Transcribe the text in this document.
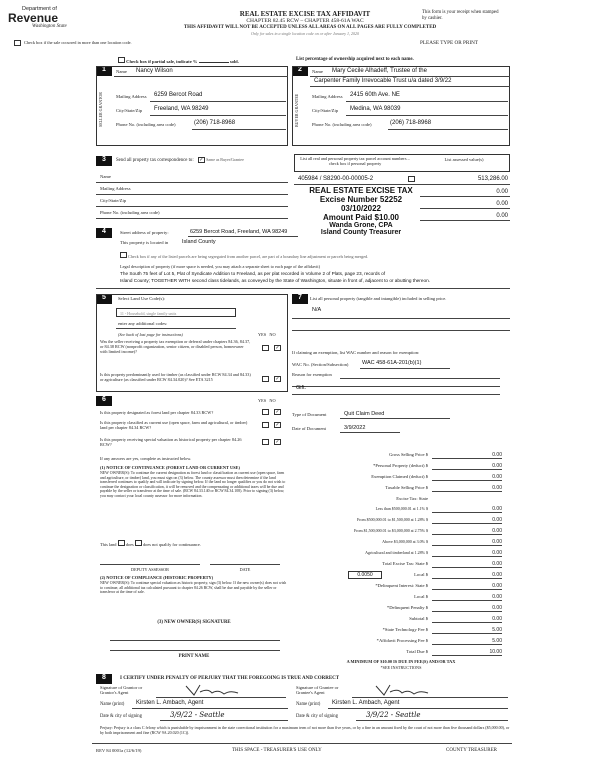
Department of
Revenue
Washington State
REAL ESTATE EXCISE TAX AFFIDAVIT
CHAPTER 82.45 RCW – CHAPTER 458-61A WAC
THIS AFFIDAVIT WILL NOT BE ACCEPTED UNLESS ALL AREAS ON ALL PAGES ARE FULLY COMPLETED
Only for sales in a single location code on or after January 1, 2020
This form is your receipt when stamped by cashier.
PLEASE TYPE OR PRINT
Check box if the sale occurred in more than one location code.
Check box if partial sale, indicate %	sold.	List percentage of ownership acquired next to each name.
1
SELLER GRANTOR
Name Nancy Wilson
Mailing Address 6259 Bercot Road
City/State/Zip Freeland, WA 98249
Phone No. (including area code)	(206) 718-8968
2
BUYER GRANTEE
Name Mary Cecile Alhadeff, Trustee of the
Carpenter Family Irrevocable Trust u/a dated 3/9/22
Mailing Address 2415 60th Ave. NE
City/State/Zip Medina, WA 98039
Phone No. (including area code)	(206) 718-8968
3	Send all property tax correspondence to: ✓ Same as Buyer/Grantee
Name
Mailing Address
City/State/Zip
Phone No. (including area code)
List all real and personal property tax parcel account numbers – check box if personal property
List assessed value(s)
405984 / S8290-00-00005-2	513,286.00
0.00
0.00
0.00
REAL ESTATE EXCISE TAX
Excise Number 52252
03/10/2022
Amount Paid $10.00
Wanda Grone, CPA
Island County Treasurer
4	Street address of property:	6259 Bercot Road, Freeland, WA 98249
This property is located in	Island County
Check box if any of the listed parcels are being segregated from another parcel, are part of a boundary line adjustment or parcels being merged.
Legal description of property (if more space is needed, you may attach a separate sheet to each page of the affidavit)
The South 75 feet of Lot 5, Plat of Syndicate Addition to Freeland, as per plat recorded in Volume 2 of Plats, page 23, records of
Island County; TOGETHER WITH second class tidelands, as conveyed by the State of Washington, situate in front of, adjacent to or abutting thereon.
5	Select Land Use Code(s):
11 - Household, single family units
enter any additional codes:
(See back of last page for instructions)	YES   NO
Was the seller receiving a property tax exemption or deferral under chapters 84.36, 84.37, or 84.38 RCW (nonprofit organization, senior citizen, or disabled person, homeowner with limited income)?
✓
Is this property predominantly used for timber (as classified under RCW 84.34 and 84.33) or agriculture (as classified under RCW 84.34.020)? See ETA 3215	✓
6	YES   NO
Is this property designated as forest land per chapter 84.33 RCW?	✓
Is this property classified as current use (open space, farm and agricultural, or timber) land per chapter 84.34 RCW?	✓
Is this property receiving special valuation as historical property per chapter 84.26 RCW?	✓
If any answers are yes, complete as instructed below.
(1) NOTICE OF CONTINUANCE (FOREST LAND OR CURRENT USE)
NEW OWNER(S): To continue the current designation as forest land or classification as current use (open space, farm and agriculture, or timber) land, you must sign on (3) below. The county assessor must then determine if the land transferred continues to qualify and will indicate by signing below. If the land no longer qualifies or you do not wish to continue the designation or classification, it will be removed and the compensating or additional taxes will be due and payable by the seller or transferor at the time of sale. (RCW 84.33.140 or RCW 84.34.108). Prior to signing (3) below, you may contact your local county assessor for more information.
This land does does not qualify for continuance.
DEPUTY ASSESSOR	DATE
(2) NOTICE OF COMPLIANCE (HISTORIC PROPERTY)
NEW OWNER(S): To continue special valuation as historic property, sign (3) below. If the new owner(s) does not wish to continue, all additional tax calculated pursuant to chapter 84.26 RCW, shall be due and payable by the seller or transferor at the time of sale.
(3) NEW OWNER(S) SIGNATURE
PRINT NAME
7	List all personal property (tangible and intangible) included in selling price.
N/A
If claiming an exemption, list WAC number and reason for exemption:
WAC No. (Section/Subsection) WAC 458-61A-201(b)(1)
Reason for exemption
Gift.
Type of Document	Quit Claim Deed
Date of Document	3/9/2022
Gross Selling Price $	0.00
*Personal Property (deduct) $	0.00
Exemption Claimed (deduct) $	0.00
Taxable Selling Price $	0.00
Excise Tax: State
Less than $500,000.01 at 1.1% $	0.00
From $500,000.01 to $1,500,000 at 1.28% $	0.00
From $1,500,000.01 to $3,000,000 at 2.75% $	0.00
Above $3,000,000 at 3.0% $	0.00
Agricultural and timberland at 1.28% $	0.00
Total Excise Tax: State $	0.00
0.0050	Local $	0.00
*Delinquent Interest: State $	0.00
Local $	0.00
*Delinquent Penalty $	0.00
Subtotal $	0.00
*State Technology Fee $	5.00
*Affidavit Processing Fee $	5.00
Total Due $	10.00
A MINIMUM OF $10.00 IS DUE IN FEE(S) AND/OR TAX
*SEE INSTRUCTIONS
8	I CERTIFY UNDER PENALTY OF PERJURY THAT THE FOREGOING IS TRUE AND CORRECT
Signature of Grantor or Grantor's Agent
Signature of Grantee or Grantee's Agent
Name (print) Kirsten L. Ambach, Agent	Name (print) Kirsten L. Ambach, Agent
Date & city of signing	3/9/22 - Seattle	Date & city of signing	3/9/22 - Seattle
Perjury: Perjury is a class C felony which is punishable by imprisonment in the state correctional institution for a maximum term of not more than five years, or by a fine in an amount fixed by the court of not more than five thousand dollars ($5,000.00), or by both imprisonment and fine (RCW 9A.20.020 (1C)).
REV 84 0001a (12/6/19)	THIS SPACE - TREASURER'S USE ONLY	COUNTY TREASURER
